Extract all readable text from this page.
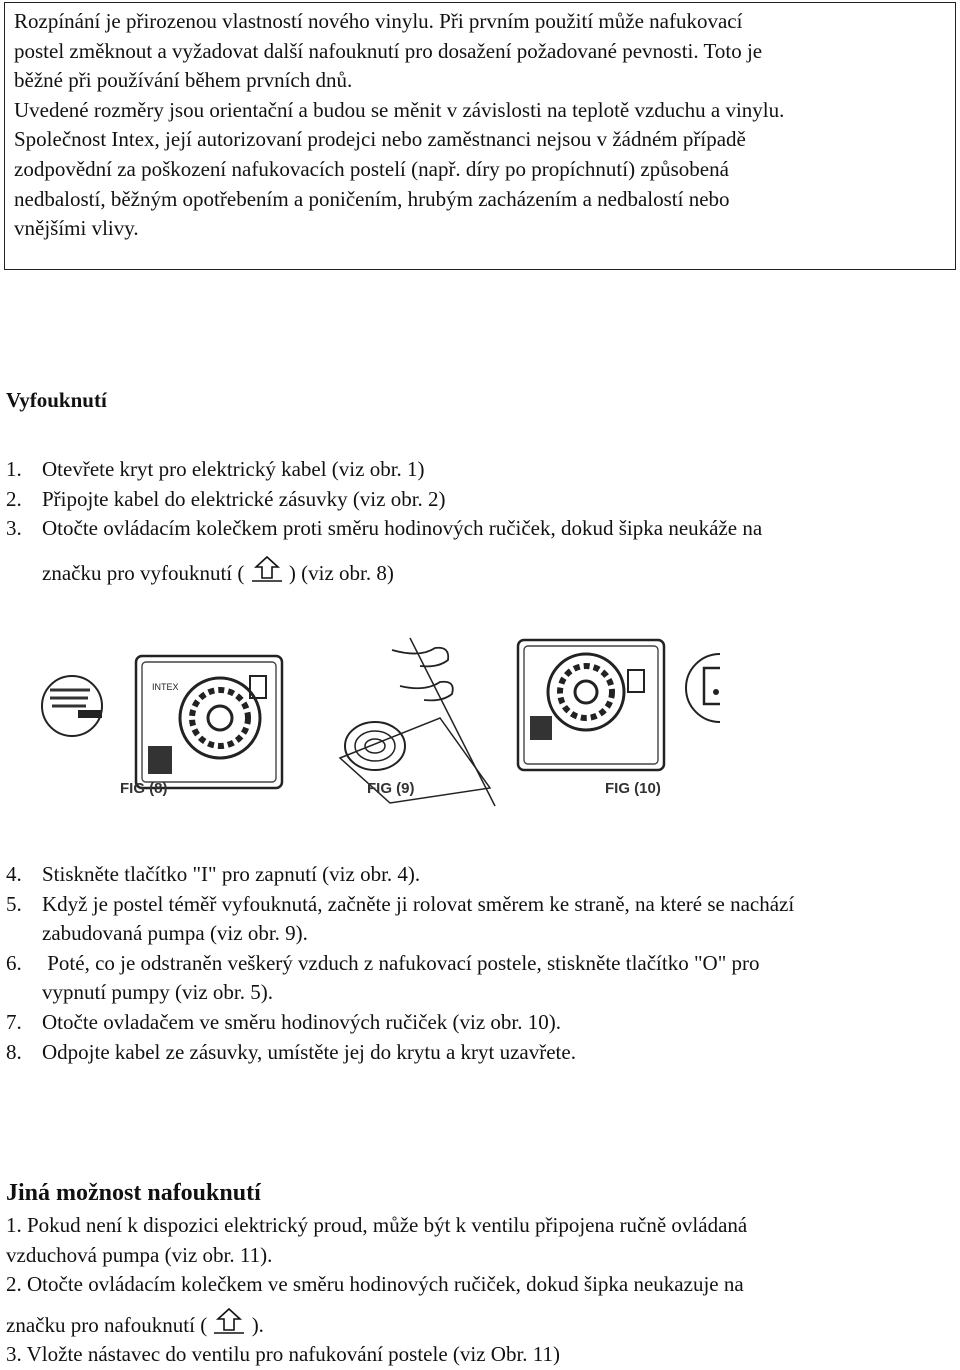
Rozpínání je přirozenou vlastností nového vinylu. Při prvním použití může nafukovací

postel změknout a vyžadovat další nafouknutí pro dosažení požadované pevnosti. Toto je

běžné při používání během prvních dnů.

Uvedené rozměry jsou orientační a budou se měnit v závislosti na teplotě vzduchu a vinylu.

Společnost Intex, její autorizovaní prodejci nebo zaměstnanci nejsou v žádném případě

zodpovědní za poškození nafukovacích postelí (např. díry po propíchnutí) způsobená

nedbalostí, běžným opotřebením a poničením, hrubým zacházením a nedbalostí nebo

vnějšími vlivy.

Vyfouknutí
1. Otevřete kryt pro elektrický kabel (viz obr. 1)
2. Připojte kabel do elektrické zásuvky (viz obr. 2)
3. Otočte ovládacím kolečkem proti směru hodinových ručiček, dokud šipka neukáže na
značku pro vyfouknutí ( ) (viz obr. 8)
INTEX
FIG (8)	FIG (9)	FIG (10)
4. Stiskněte tlačítko "I" pro zapnutí (viz obr. 4).
5. Když je postel téměř vyfouknutá, začněte ji rolovat směrem ke straně, na které se nachází
zabudovaná pumpa (viz obr. 9).
6. Poté, co je odstraněn veškerý vzduch z nafukovací postele, stiskněte tlačítko "O" pro
vypnutí pumpy (viz obr. 5).
7. Otočte ovladačem ve směru hodinových ručiček (viz obr. 10).
8. Odpojte kabel ze zásuvky, umístěte jej do krytu a kryt uzavřete.
Jiná možnost nafouknutí
1. Pokud není k dispozici elektrický proud, může být k ventilu připojena ručně ovládaná
vzduchová pumpa (viz obr. 11).
2. Otočte ovládacím kolečkem ve směru hodinových ručiček, dokud šipka neukazuje na
značku pro nafouknutí ( ).
3. Vložte nástavec do ventilu pro nafukování postele (viz Obr. 11)
